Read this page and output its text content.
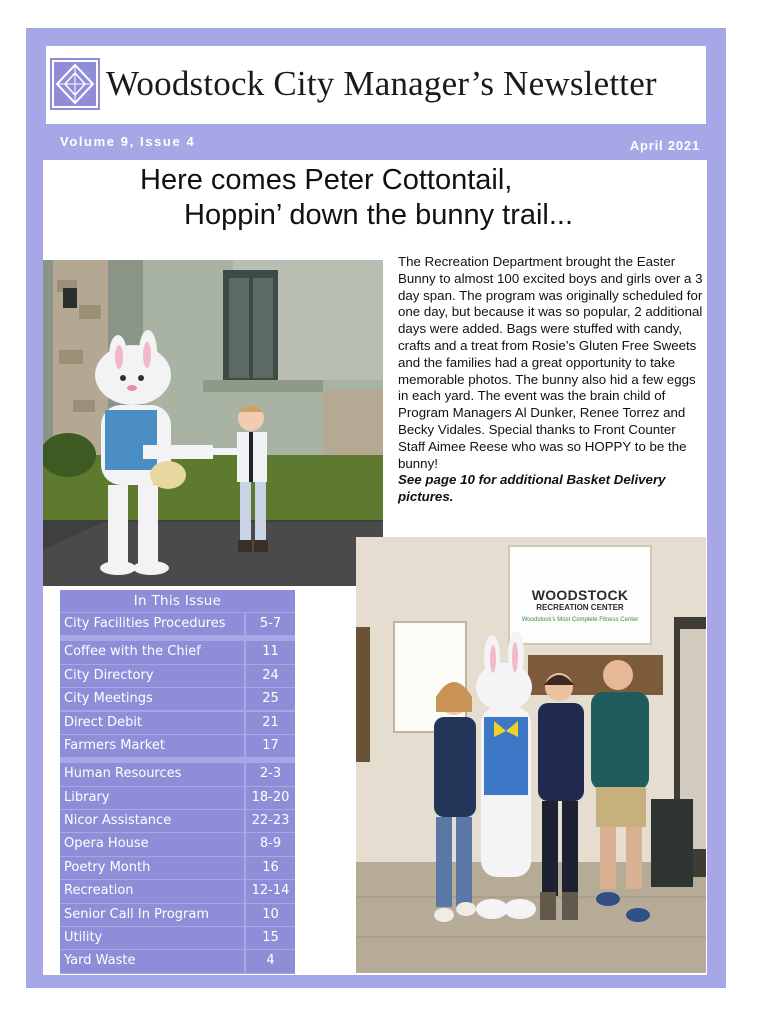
Woodstock City Manager’s Newsletter
Volume 9, Issue 4	April 2021
Here comes Peter Cottontail,
Hoppin’ down the bunny trail...
The Recreation Department brought the Easter Bunny to almost 100 excited boys and girls over a 3 day span. The program was originally scheduled for one day, but because it was so popular, 2 additional days were added. Bags were stuffed with candy, crafts and a treat from Rosie’s Gluten Free Sweets and the families had a great opportunity to take memorable photos. The bunny also hid a few eggs in each yard. The event was the brain child of Program Managers Al Dunker, Renee Torrez and Becky Vidales. Special thanks to Front Counter Staff Aimee Reese who was so HOPPY to be the bunny!
See page 10 for additional Basket Delivery pictures.
WOODSTOCK
RECREATION CENTER
Woodstock’s Most Complete Fitness Center
In This Issue
City Facilities Procedures	5-7
Coffee with the Chief	11
City Directory	24
City Meetings	25
Direct Debit	21
Farmers Market	17
Human Resources	2-3
Library	18-20
Nicor Assistance	22-23
Opera House	8-9
Poetry Month	16
Recreation	12-14
Senior Call In Program	10
Utility	15
Yard Waste	4
